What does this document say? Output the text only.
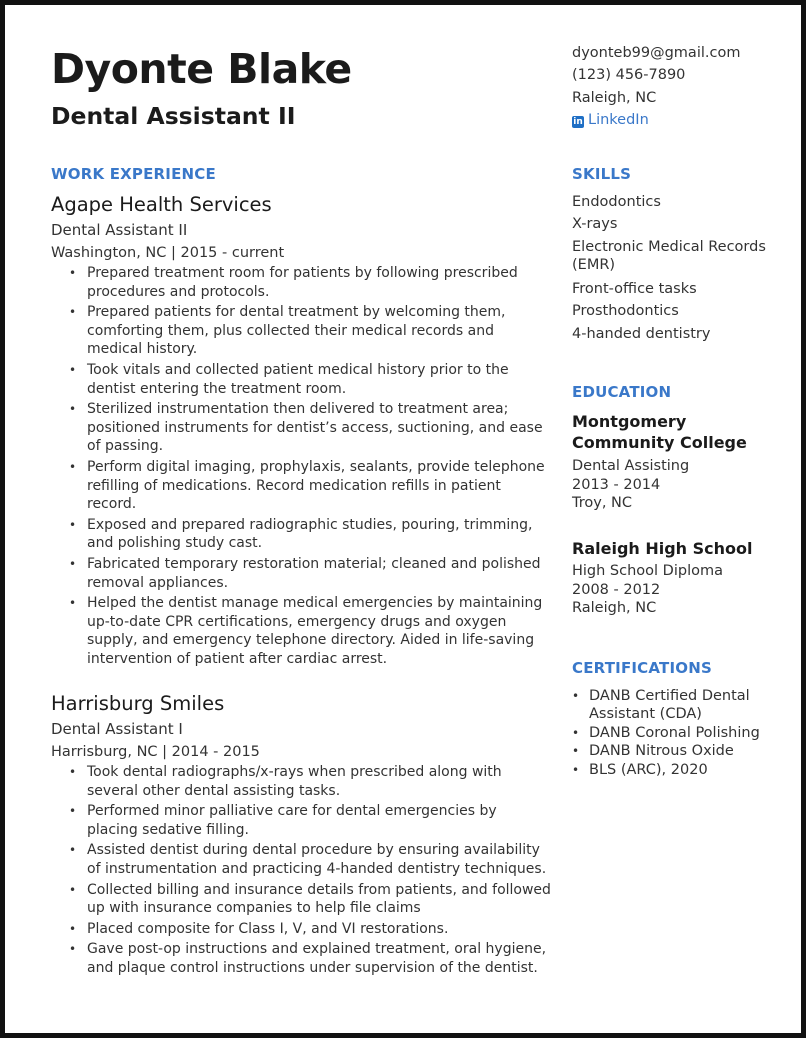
Dyonte Blake
Dental Assistant II
WORK EXPERIENCE
Agape Health Services
Dental Assistant II
Washington, NC | 2015 - current
• Prepared treatment room for patients by following prescribed procedures and protocols.
• Prepared patients for dental treatment by welcoming them, comforting them, plus collected their medical records and medical history.
• Took vitals and collected patient medical history prior to the dentist entering the treatment room.
• Sterilized instrumentation then delivered to treatment area; positioned instruments for dentist’s access, suctioning, and ease of passing.
• Perform digital imaging, prophylaxis, sealants, provide telephone refilling of medications. Record medication refills in patient record.
• Exposed and prepared radiographic studies, pouring, trimming, and polishing study cast.
• Fabricated temporary restoration material; cleaned and polished removal appliances.
• Helped the dentist manage medical emergencies by maintaining up-to-date CPR certifications, emergency drugs and oxygen supply, and emergency telephone directory. Aided in life-saving intervention of patient after cardiac arrest.
Harrisburg Smiles
Dental Assistant I
Harrisburg, NC | 2014 - 2015
• Took dental radiographs/x-rays when prescribed along with several other dental assisting tasks.
• Performed minor palliative care for dental emergencies by placing sedative filling.
• Assisted dentist during dental procedure by ensuring availability of instrumentation and practicing 4-handed dentistry techniques.
• Collected billing and insurance details from patients, and followed up with insurance companies to help file claims
• Placed composite for Class I, V, and VI restorations.
• Gave post-op instructions and explained treatment, oral hygiene, and plaque control instructions under supervision of the dentist.
dyonteb99@gmail.com
(123) 456-7890
Raleigh, NC
in LinkedIn
SKILLS
Endodontics
X-rays
Electronic Medical Records (EMR)
Front-office tasks
Prosthodontics
4-handed dentistry
EDUCATION
Montgomery Community College
Dental Assisting
2013 - 2014
Troy, NC
Raleigh High School
High School Diploma
2008 - 2012
Raleigh, NC
CERTIFICATIONS
• DANB Certified Dental Assistant (CDA)
• DANB Coronal Polishing
• DANB Nitrous Oxide
• BLS (ARC), 2020
